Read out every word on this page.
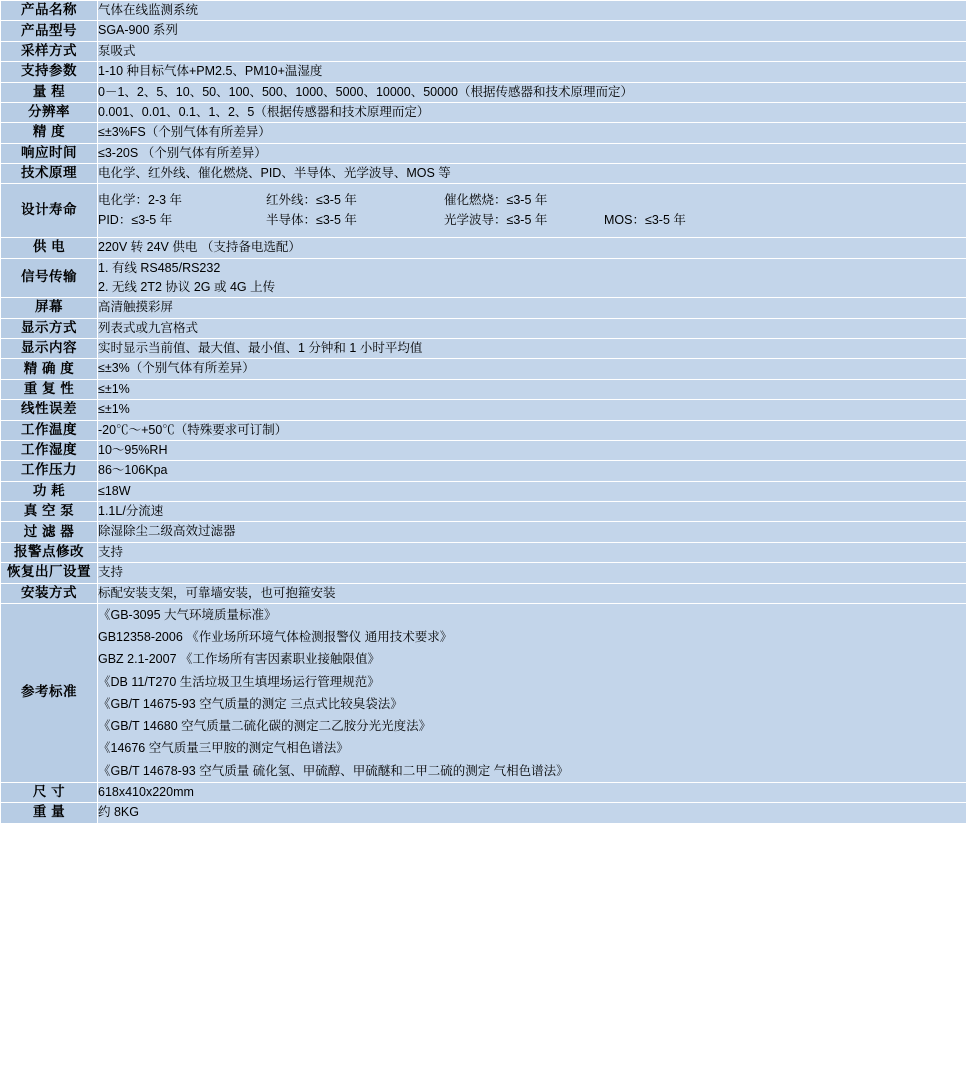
产品名称	气体在线监测系统

产品型号	SGA-900 系列

采样方式	泵吸式

支持参数	1-10 种目标气体+PM2.5、PM10+温湿度

量 程	0－1、2、5、10、50、100、500、1000、5000、10000、50000（根据传感器和技术原理而定）

分辨率	0.001、0.01、0.1、1、2、5（根据传感器和技术原理而定）

精 度	≤±3%FS（个别气体有所差异）

响应时间	≤3-20S （个别气体有所差异）

技术原理	电化学、红外线、催化燃烧、PID、半导体、光学波导、MOS 等

设计寿命	电化学：2-3 年 红外线：≤3-5 年 催化燃烧：≤3-5 年
PID：≤3-5 年 半导体：≤3-5 年 光学波导：≤3-5 年 MOS：≤3-5 年

供 电	220V 转 24V 供电 （支持备电选配）

信号传输	1. 有线 RS485/RS232
2. 无线 2T2 协议 2G 或 4G 上传

屏幕	高清触摸彩屏

显示方式	列表式或九宫格式

显示内容	实时显示当前值、最大值、最小值、1 分钟和 1 小时平均值

精 确 度	≤±3%（个别气体有所差异）

重 复 性	≤±1%

线性误差	≤±1%

工作温度	-20℃～+50℃（特殊要求可订制）

工作湿度	10～95%RH

工作压力	86～106Kpa

功 耗	≤18W

真 空 泵	1.1L/分流速

过 滤 器	除湿除尘二级高效过滤器

报警点修改	支持

恢复出厂设置	支持

安装方式	标配安装支架，可靠墙安装，也可抱箍安装

参考标准	
《GB-3095 大气环境质量标准》
GB12358-2006 《作业场所环境气体检测报警仪 通用技术要求》
GBZ 2.1-2007 《工作场所有害因素职业接触限值》
《DB 11/T270 生活垃圾卫生填埋场运行管理规范》
《GB/T 14675-93 空气质量的测定 三点式比较臭袋法》
《GB/T 14680 空气质量二硫化碳的测定二乙胺分光光度法》
《14676 空气质量三甲胺的测定气相色谱法》
《GB/T 14678-93 空气质量 硫化氢、甲硫醇、甲硫醚和二甲二硫的测定 气相色谱法》

尺 寸	618x410x220mm

重 量	约 8KG
